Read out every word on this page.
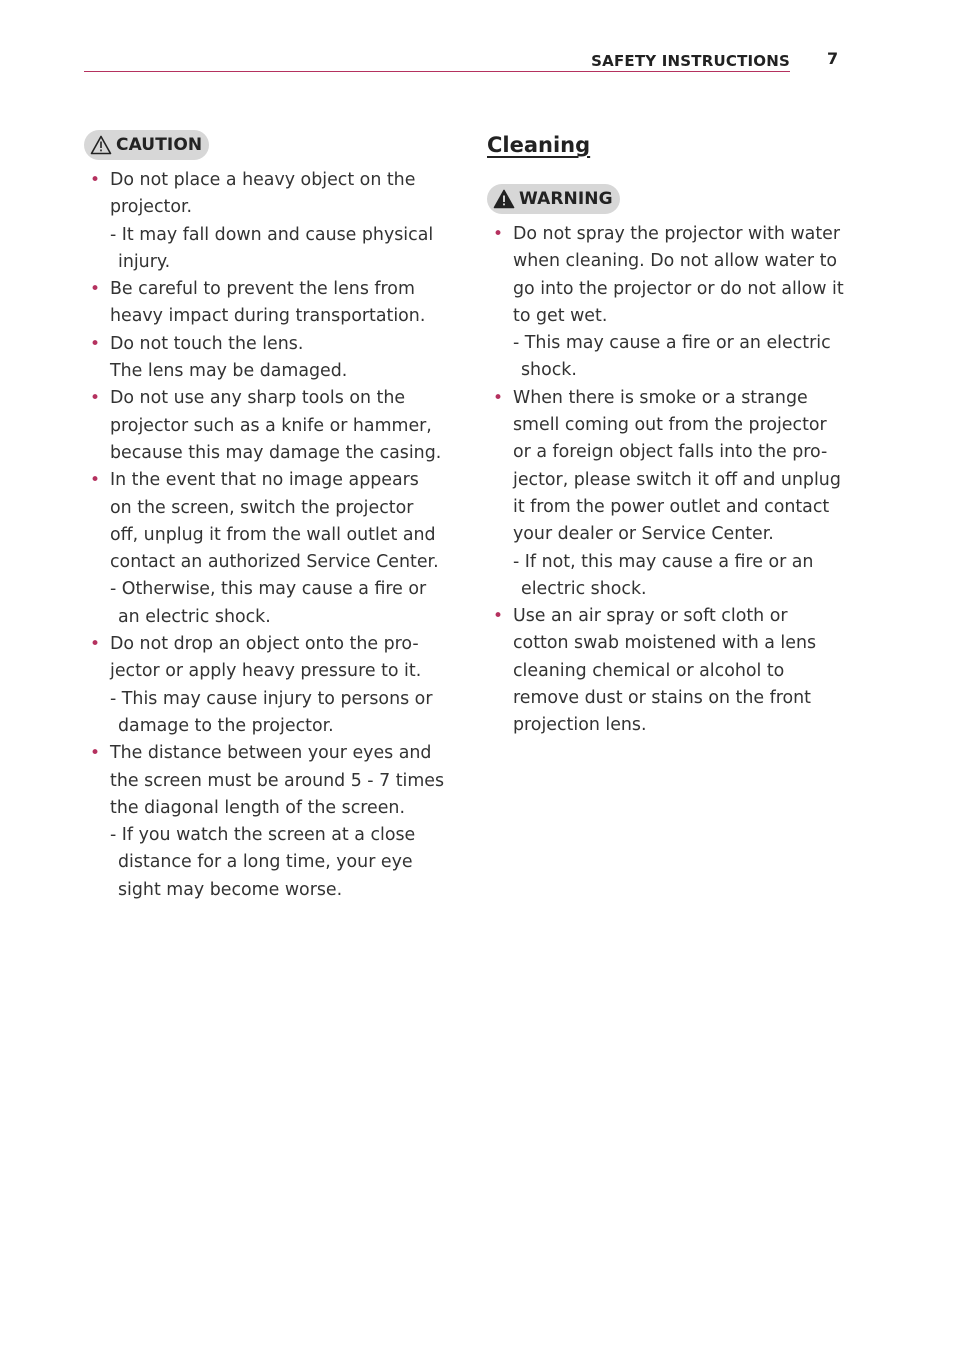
SAFETY INSTRUCTIONS 7
CAUTION
• Do not place a heavy object on the
projector.
- It may fall down and cause physical
injury.
• Be careful to prevent the lens from
heavy impact during transportation.
• Do not touch the lens.
The lens may be damaged.
• Do not use any sharp tools on the
projector such as a knife or hammer,
because this may damage the casing.
• In the event that no image appears
on the screen, switch the projector
off, unplug it from the wall outlet and
contact an authorized Service Center.
- Otherwise, this may cause a fire or
an electric shock.
• Do not drop an object onto the pro-
jector or apply heavy pressure to it.
- This may cause injury to persons or
damage to the projector.
• The distance between your eyes and
the screen must be around 5 - 7 times
the diagonal length of the screen.
- If you watch the screen at a close
distance for a long time, your eye
sight may become worse.
Cleaning
WARNING
• Do not spray the projector with water
when cleaning. Do not allow water to
go into the projector or do not allow it
to get wet.
- This may cause a fire or an electric
shock.
• When there is smoke or a strange
smell coming out from the projector
or a foreign object falls into the pro-
jector, please switch it off and unplug
it from the power outlet and contact
your dealer or Service Center.
- If not, this may cause a fire or an
electric shock.
• Use an air spray or soft cloth or
cotton swab moistened with a lens
cleaning chemical or alcohol to
remove dust or stains on the front
projection lens.
